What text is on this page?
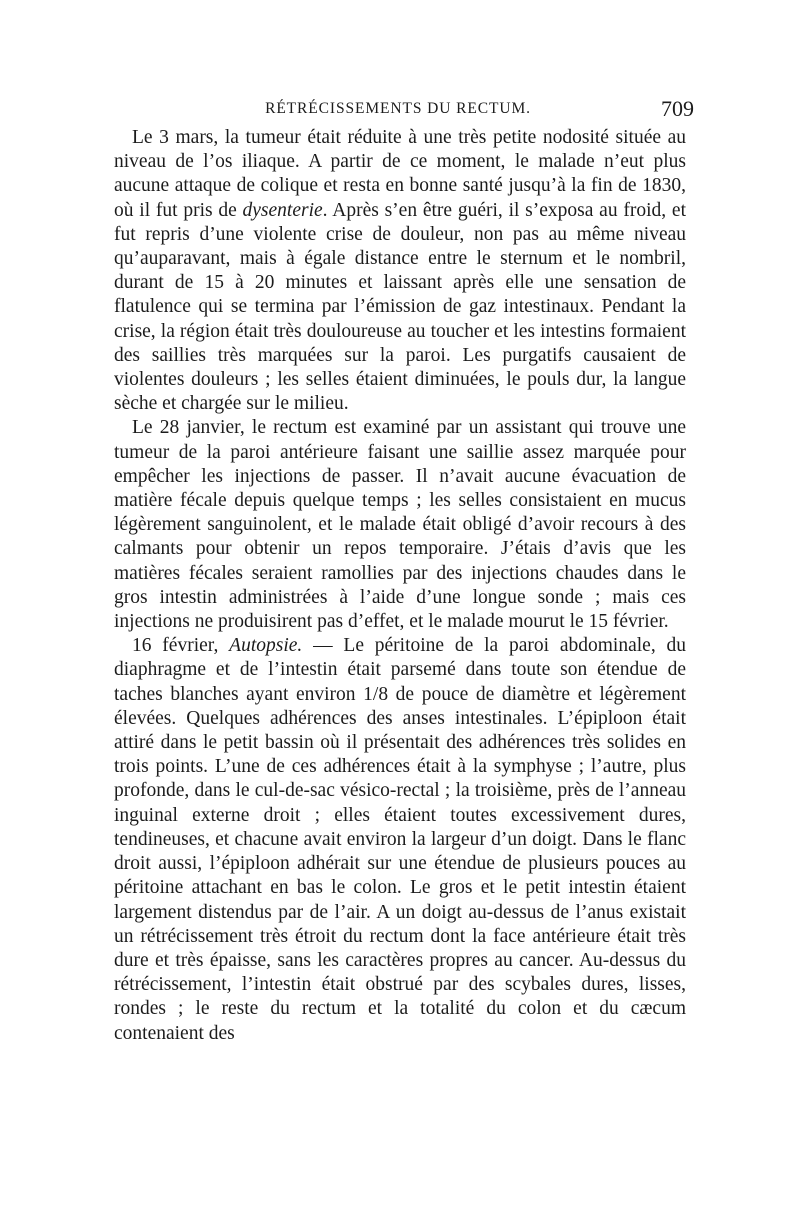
RÉTRÉCISSEMENTS DU RECTUM.	709

Le 3 mars, la tumeur était réduite à une très petite nodosité située au niveau de l’os iliaque. A partir de ce moment, le malade n’eut plus aucune attaque de colique et resta en bonne santé jusqu’à la fin de 1830, où il fut pris de dysenterie. Après s’en être guéri, il s’exposa au froid, et fut repris d’une violente crise de douleur, non pas au même niveau qu’auparavant, mais à égale distance entre le sternum et le nombril, durant de 15 à 20 minutes et laissant après elle une sensation de flatulence qui se termina par l’émission de gaz intestinaux. Pendant la crise, la région était très douloureuse au toucher et les intestins formaient des saillies très marquées sur la paroi. Les purgatifs causaient de violentes douleurs ; les selles étaient diminuées, le pouls dur, la langue sèche et chargée sur le milieu.

Le 28 janvier, le rectum est examiné par un assistant qui trouve une tumeur de la paroi antérieure faisant une saillie assez marquée pour empêcher les injections de passer. Il n’avait aucune évacuation de matière fécale depuis quelque temps ; les selles consistaient en mucus légèrement sanguinolent, et le malade était obligé d’avoir recours à des calmants pour obtenir un repos temporaire. J’étais d’avis que les matières fécales seraient ramollies par des injections chaudes dans le gros intestin administrées à l’aide d’une longue sonde ; mais ces injections ne produisirent pas d’effet, et le malade mourut le 15 février.

16 février, Autopsie. — Le péritoine de la paroi abdominale, du diaphragme et de l’intestin était parsemé dans toute son étendue de taches blanches ayant environ 1/8 de pouce de diamètre et légèrement élevées. Quelques adhérences des anses intestinales. L’épiploon était attiré dans le petit bassin où il présentait des adhérences très solides en trois points. L’une de ces adhérences était à la symphyse ; l’autre, plus profonde, dans le cul-de-sac vésico-rectal ; la troisième, près de l’anneau inguinal externe droit ; elles étaient toutes excessivement dures, tendineuses, et chacune avait environ la largeur d’un doigt. Dans le flanc droit aussi, l’épiploon adhérait sur une étendue de plusieurs pouces au péritoine attachant en bas le colon. Le gros et le petit intestin étaient largement distendus par de l’air. A un doigt au-dessus de l’anus existait un rétrécissement très étroit du rectum dont la face antérieure était très dure et très épaisse, sans les caractères propres au cancer. Au-dessus du rétrécissement, l’intestin était obstrué par des scybales dures, lisses, rondes ; le reste du rectum et la totalité du colon et du cæcum contenaient des
